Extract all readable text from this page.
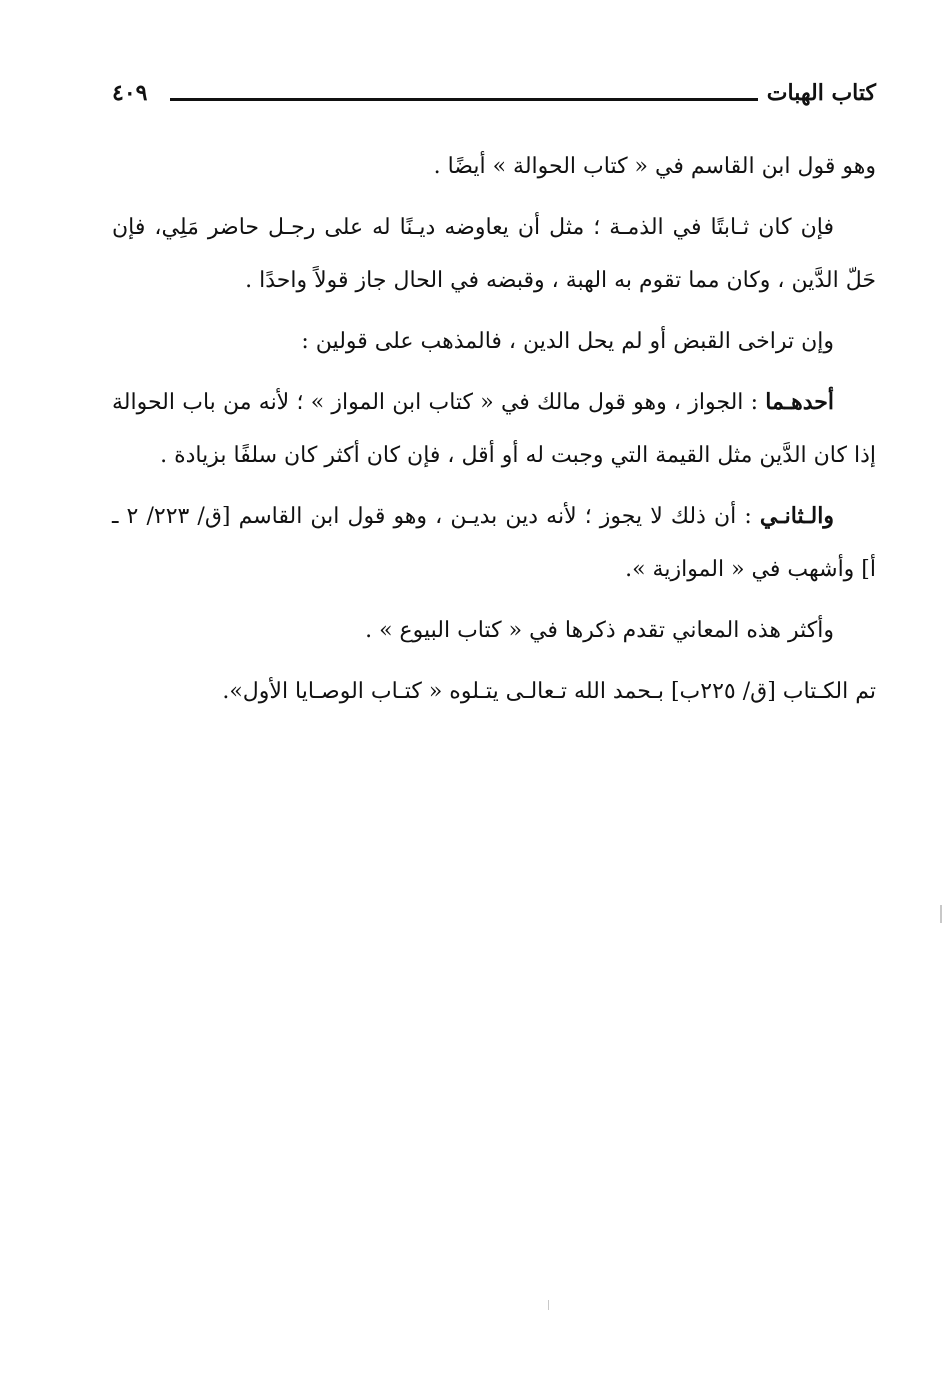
كتاب الهبات
٤٠٩

وهو قول ابن القاسم في « كتاب الحوالة » أيضًا .

فإن كان ثـابتًا في الذمـة ؛ مثل أن يعاوضه ديـنًا له على رجـل حاضر مَلِي، فإن حَلّ الدَّين ، وكان مما تقوم به الهبة ، وقبضه في الحال جاز قولاً واحدًا .

وإن تراخى القبض أو لم يحل الدين ، فالمذهب على قولين :

أحدهـما : الجواز ، وهو قول مالك في « كتاب ابن المواز » ؛ لأنه من باب الحوالة إذا كان الدَّين مثل القيمة التي وجبت له أو أقل ، فإن كان أكثر كان سلفًا بزيادة .

والـثانـي : أن ذلك لا يجوز ؛ لأنه دين بديـن ، وهو قول ابن القاسم [ق/ ٢٢٣/ ٢ ـ أ] وأشهب في « الموازية ».

وأكثر هذه المعاني تقدم ذكرها في « كتاب البيوع » .

تم الكـتاب [ق/ ٢٢٥ب] بـحمد الله تـعالـى يتـلوه « كتـاب الوصـايا الأول».
